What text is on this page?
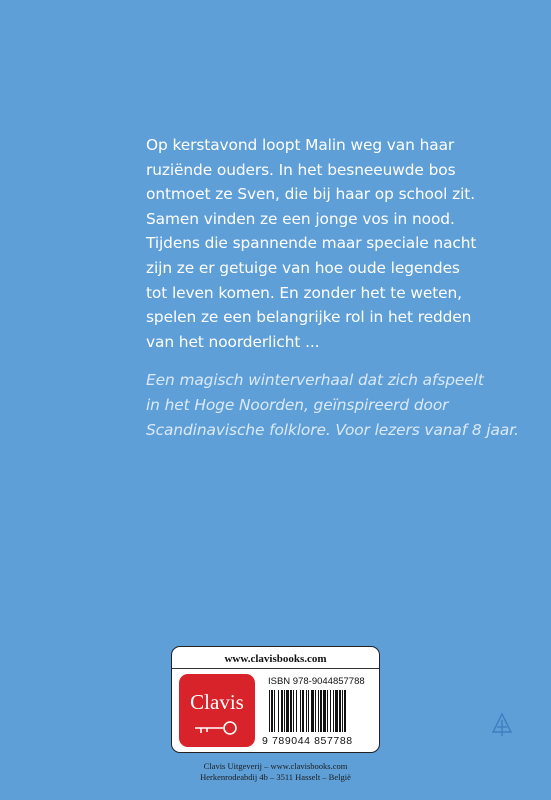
Op kerstavond loopt Malin weg van haar

ruziënde ouders. In het besneeuwde bos

ontmoet ze Sven, die bij haar op school zit.

Samen vinden ze een jonge vos in nood.

Tijdens die spannende maar speciale nacht

zijn ze er getuige van hoe oude legendes

tot leven komen. En zonder het te weten,

spelen ze een belangrijke rol in het redden

van het noorderlicht ...

Een magisch winterverhaal dat zich afspeelt

in het Hoge Noorden, geïnspireerd door

Scandinavische folklore. Voor lezers vanaf 8 jaar.

www.clavisbooks.com
Clavis
ISBN 978-9044857788
9 789044 857788
Clavis Uitgeverij – www.clavisbooks.com
Herkenrodeabdij 4b – 3511 Hasselt – België
